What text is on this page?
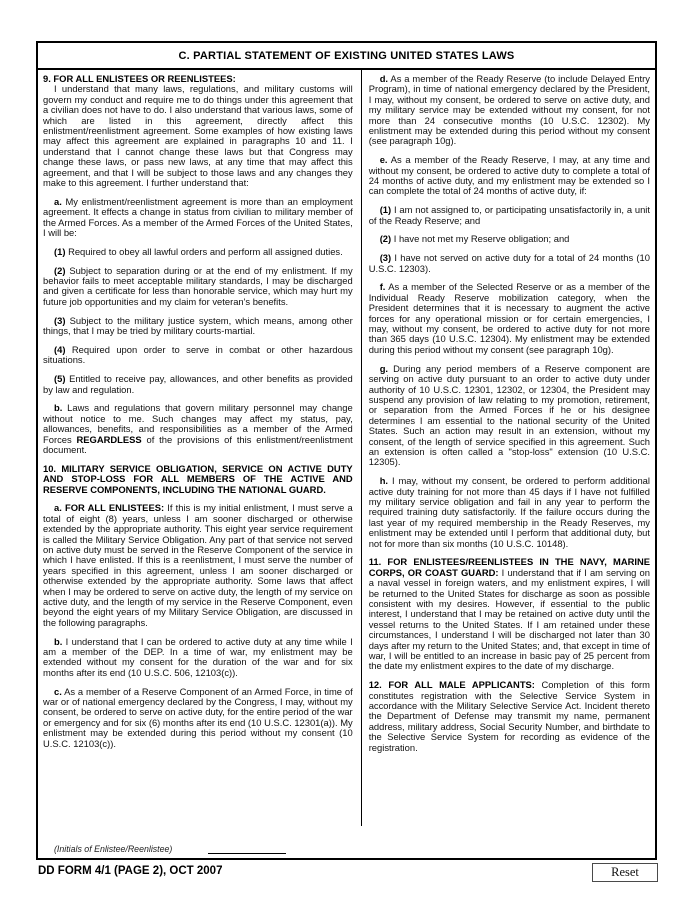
C. PARTIAL STATEMENT OF EXISTING UNITED STATES LAWS

9. FOR ALL ENLISTEES OR REENLISTEES:

I understand that many laws, regulations, and military customs will govern my conduct and require me to do things under this agreement that a civilian does not have to do. I also understand that various laws, some of which are listed in this agreement, directly affect this enlistment/reenlistment agreement. Some examples of how existing laws may affect this agreement are explained in paragraphs 10 and 11. I understand that I cannot change these laws but that Congress may change these laws, or pass new laws, at any time that may affect this agreement, and that I will be subject to those laws and any changes they make to this agreement. I further understand that:

a. My enlistment/reenlistment agreement is more than an employment agreement. It effects a change in status from civilian to military member of the Armed Forces. As a member of the Armed Forces of the United States, I will be:

(1) Required to obey all lawful orders and perform all assigned duties.

(2) Subject to separation during or at the end of my enlistment. If my behavior fails to meet acceptable military standards, I may be discharged and given a certificate for less than honorable service, which may hurt my future job opportunities and my claim for veteran's benefits.

(3) Subject to the military justice system, which means, among other things, that I may be tried by military courts-martial.

(4) Required upon order to serve in combat or other hazardous situations.

(5) Entitled to receive pay, allowances, and other benefits as provided by law and regulation.

b. Laws and regulations that govern military personnel may change without notice to me. Such changes may affect my status, pay, allowances, benefits, and responsibilities as a member of the Armed Forces REGARDLESS of the provisions of this enlistment/reenlistment document.

10. MILITARY SERVICE OBLIGATION, SERVICE ON ACTIVE DUTY AND STOP-LOSS FOR ALL MEMBERS OF THE ACTIVE AND RESERVE COMPONENTS, INCLUDING THE NATIONAL GUARD.

a. FOR ALL ENLISTEES: If this is my initial enlistment, I must serve a total of eight (8) years, unless I am sooner discharged or otherwise extended by the appropriate authority. This eight year service requirement is called the Military Service Obligation. Any part of that service not served on active duty must be served in the Reserve Component of the service in which I have enlisted. If this is a reenlistment, I must serve the number of years specified in this agreement, unless I am sooner discharged or otherwise extended by the appropriate authority. Some laws that affect when I may be ordered to serve on active duty, the length of my service on active duty, and the length of my service in the Reserve Component, even beyond the eight years of my Military Service Obligation, are discussed in the following paragraphs.

b. I understand that I can be ordered to active duty at any time while I am a member of the DEP. In a time of war, my enlistment may be extended without my consent for the duration of the war and for six months after its end (10 U.S.C. 506, 12103(c)).

c. As a member of a Reserve Component of an Armed Force, in time of war or of national emergency declared by the Congress, I may, without my consent, be ordered to serve on active duty, for the entire period of the war or emergency and for six (6) months after its end (10 U.S.C. 12301(a)). My enlistment may be extended during this period without my consent (10 U.S.C. 12103(c)).

d. As a member of the Ready Reserve (to include Delayed Entry Program), in time of national emergency declared by the President, I may, without my consent, be ordered to serve on active duty, and my military service may be extended without my consent, for not more than 24 consecutive months (10 U.S.C. 12302). My enlistment may be extended during this period without my consent (see paragraph 10g).

e. As a member of the Ready Reserve, I may, at any time and without my consent, be ordered to active duty to complete a total of 24 months of active duty, and my enlistment may be extended so I can complete the total of 24 months of active duty, if:

(1) I am not assigned to, or participating unsatisfactorily in, a unit of the Ready Reserve; and

(2) I have not met my Reserve obligation; and

(3) I have not served on active duty for a total of 24 months (10 U.S.C. 12303).

f. As a member of the Selected Reserve or as a member of the Individual Ready Reserve mobilization category, when the President determines that it is necessary to augment the active forces for any operational mission or for certain emergencies, I may, without my consent, be ordered to active duty for not more than 365 days (10 U.S.C. 12304). My enlistment may be extended during this period without my consent (see paragraph 10g).

g. During any period members of a Reserve component are serving on active duty pursuant to an order to active duty under authority of 10 U.S.C. 12301, 12302, or 12304, the President may suspend any provision of law relating to my promotion, retirement, or separation from the Armed Forces if he or his designee determines I am essential to the national security of the United States. Such an action may result in an extension, without my consent, of the length of service specified in this agreement. Such an extension is often called a "stop-loss" extension (10 U.S.C. 12305).

h. I may, without my consent, be ordered to perform additional active duty training for not more than 45 days if I have not fulfilled my military service obligation and fail in any year to perform the required training duty satisfactorily. If the failure occurs during the last year of my required membership in the Ready Reserves, my enlistment may be extended until I perform that additional duty, but not for more than six months (10 U.S.C. 10148).

11. FOR ENLISTEES/REENLISTEES IN THE NAVY, MARINE CORPS, OR COAST GUARD: I understand that if I am serving on a naval vessel in foreign waters, and my enlistment expires, I will be returned to the United States for discharge as soon as possible consistent with my desires. However, if essential to the public interest, I understand that I may be retained on active duty until the vessel returns to the United States. If I am retained under these circumstances, I understand I will be discharged not later than 30 days after my return to the United States; and, that except in time of war, I will be entitled to an increase in basic pay of 25 percent from the date my enlistment expires to the date of my discharge.

12. FOR ALL MALE APPLICANTS: Completion of this form constitutes registration with the Selective Service System in accordance with the Military Selective Service Act. Incident thereto the Department of Defense may transmit my name, permanent address, military address, Social Security Number, and birthdate to the Selective Service System for recording as evidence of the registration.

(Initials of Enlistee/Reenlistee)
DD FORM 4/1 (PAGE 2), OCT 2007	Reset
